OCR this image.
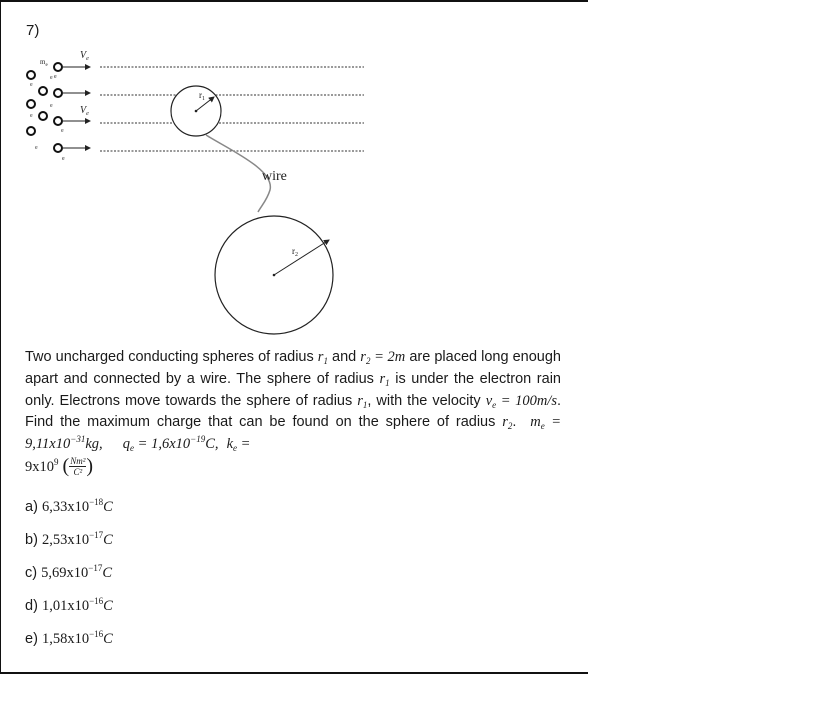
7)
e
e
e
e
e
e
$m_e$
e
e
$V_e$
$V_e$
$r_1$
wire
$r_2$
Two uncharged conducting spheres of radius $r_1$ and $r_2 = 2m$ are placed long enough apart and connected by a wire. The sphere of radius $r_1$ is under the electron rain only. Electrons move towards the sphere of radius $r_1$, with the velocity $v_e = 100m/s$. Find the maximum charge that can be found on the sphere of radius $r_2$.  $m_e = 9,11x10^{-31}kg$, $q_e = 1,6x10^{-19}C$, $k_e$ =
$9x10^9$ ( $\frac{\text{Nm²}}{\text{C²}}$ )
a) $6,33x10^{-18}C$
b) $2,53x10^{-17}C$
c) $5,69x10^{-17}C$
d) $1,01x10^{-16}C$
e) $1,58x10^{-16}C$
